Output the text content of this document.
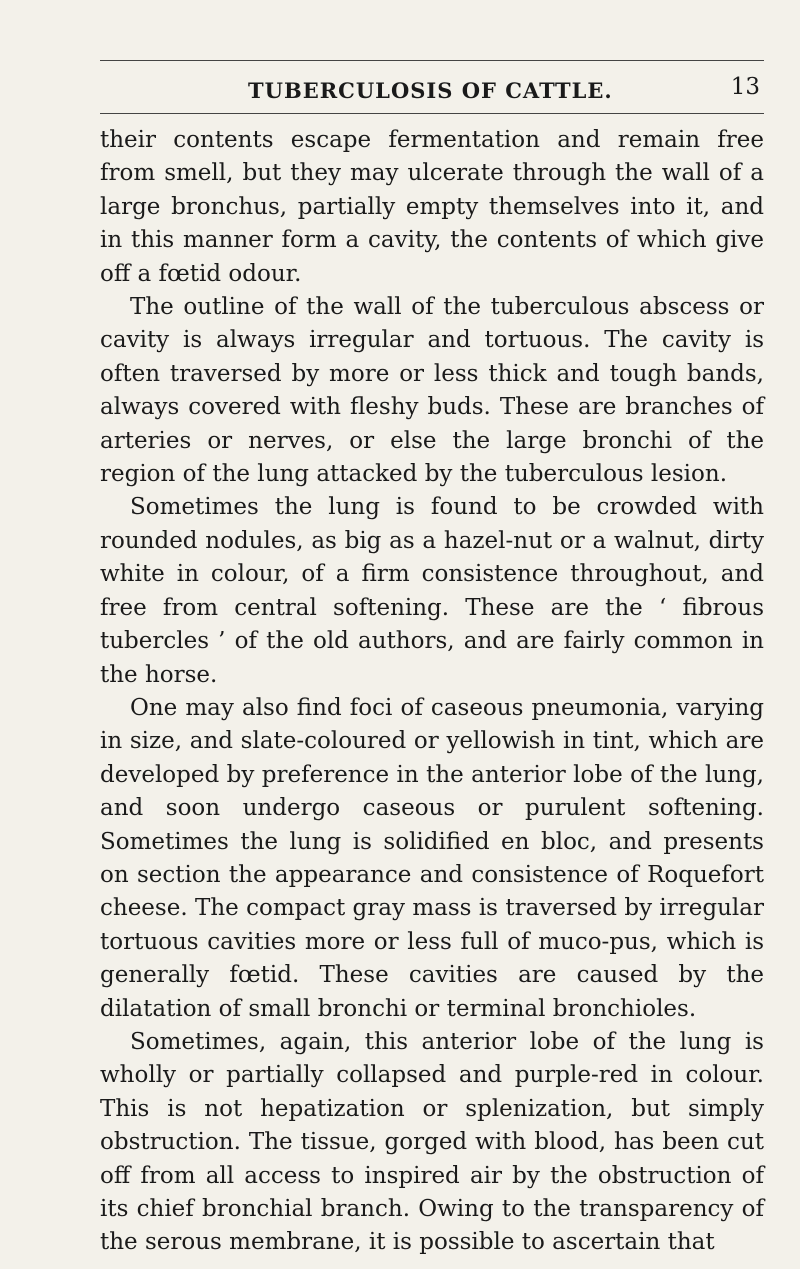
TUBERCULOSIS OF CATTLE.	13

their contents escape fermentation and remain free from smell, but they may ulcerate through the wall of a large bronchus, partially empty themselves into it, and in this manner form a cavity, the contents of which give off a fœtid odour.

The outline of the wall of the tuberculous abscess or cavity is always irregular and tortuous. The cavity is often traversed by more or less thick and tough bands, always covered with fleshy buds. These are branches of arteries or nerves, or else the large bronchi of the region of the lung attacked by the tuberculous lesion.

Sometimes the lung is found to be crowded with rounded nodules, as big as a hazel-nut or a walnut, dirty white in colour, of a firm consistence throughout, and free from central softening. These are the ‘ fibrous tubercles ’ of the old authors, and are fairly common in the horse.

One may also find foci of caseous pneumonia, varying in size, and slate-coloured or yellowish in tint, which are developed by preference in the anterior lobe of the lung, and soon undergo caseous or purulent softening. Sometimes the lung is solidified en bloc, and presents on section the appearance and consistence of Roquefort cheese. The compact gray mass is traversed by irregular tortuous cavities more or less full of muco-pus, which is generally fœtid. These cavities are caused by the dilatation of small bronchi or terminal bronchioles.

Sometimes, again, this anterior lobe of the lung is wholly or partially collapsed and purple-red in colour. This is not hepatization or splenization, but simply obstruction. The tissue, gorged with blood, has been cut off from all access to inspired air by the obstruction of its chief bronchial branch. Owing to the transparency of the serous membrane, it is possible to ascertain that
